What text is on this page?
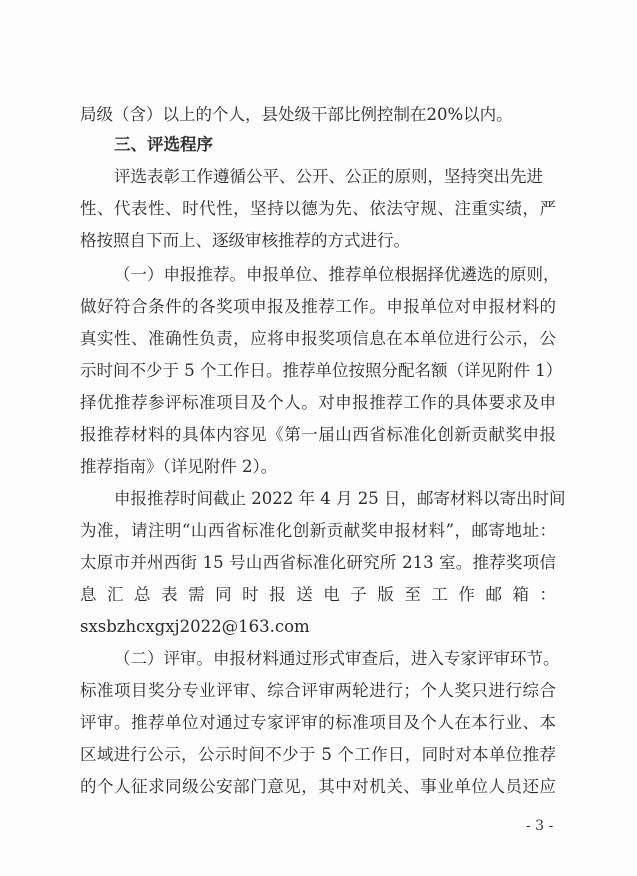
局级（含）以上的个人，县处级干部比例控制在20%以内。
三、评选程序
评选表彰工作遵循公平、公开、公正的原则，坚持突出先进
性、代表性、时代性，坚持以德为先、依法守规、注重实绩，严
格按照自下而上、逐级审核推荐的方式进行。
（一）申报推荐。申报单位、推荐单位根据择优遴选的原则，
做好符合条件的各奖项申报及推荐工作。申报单位对申报材料的
真实性、准确性负责，应将申报奖项信息在本单位进行公示，公
示时间不少于 5 个工作日。推荐单位按照分配名额（详见附件 1）
择优推荐参评标准项目及个人。对申报推荐工作的具体要求及申
报推荐材料的具体内容见《第一届山西省标准化创新贡献奖申报
推荐指南》（详见附件 2）。
申报推荐时间截止 2022 年 4 月 25 日，邮寄材料以寄出时间
为准，请注明“山西省标准化创新贡献奖申报材料”，邮寄地址：
太原市并州西街 15 号山西省标准化研究所 213 室。推荐奖项信
息汇总表需同时报送电子版至工作邮箱：
sxsbzhcxgxj2022@163.com
（二）评审。申报材料通过形式审查后，进入专家评审环节。
标准项目奖分专业评审、综合评审两轮进行；个人奖只进行综合
评审。推荐单位对通过专家评审的标准项目及个人在本行业、本
区域进行公示，公示时间不少于 5 个工作日，同时对本单位推荐
的个人征求同级公安部门意见，其中对机关、事业单位人员还应
- 3 -
